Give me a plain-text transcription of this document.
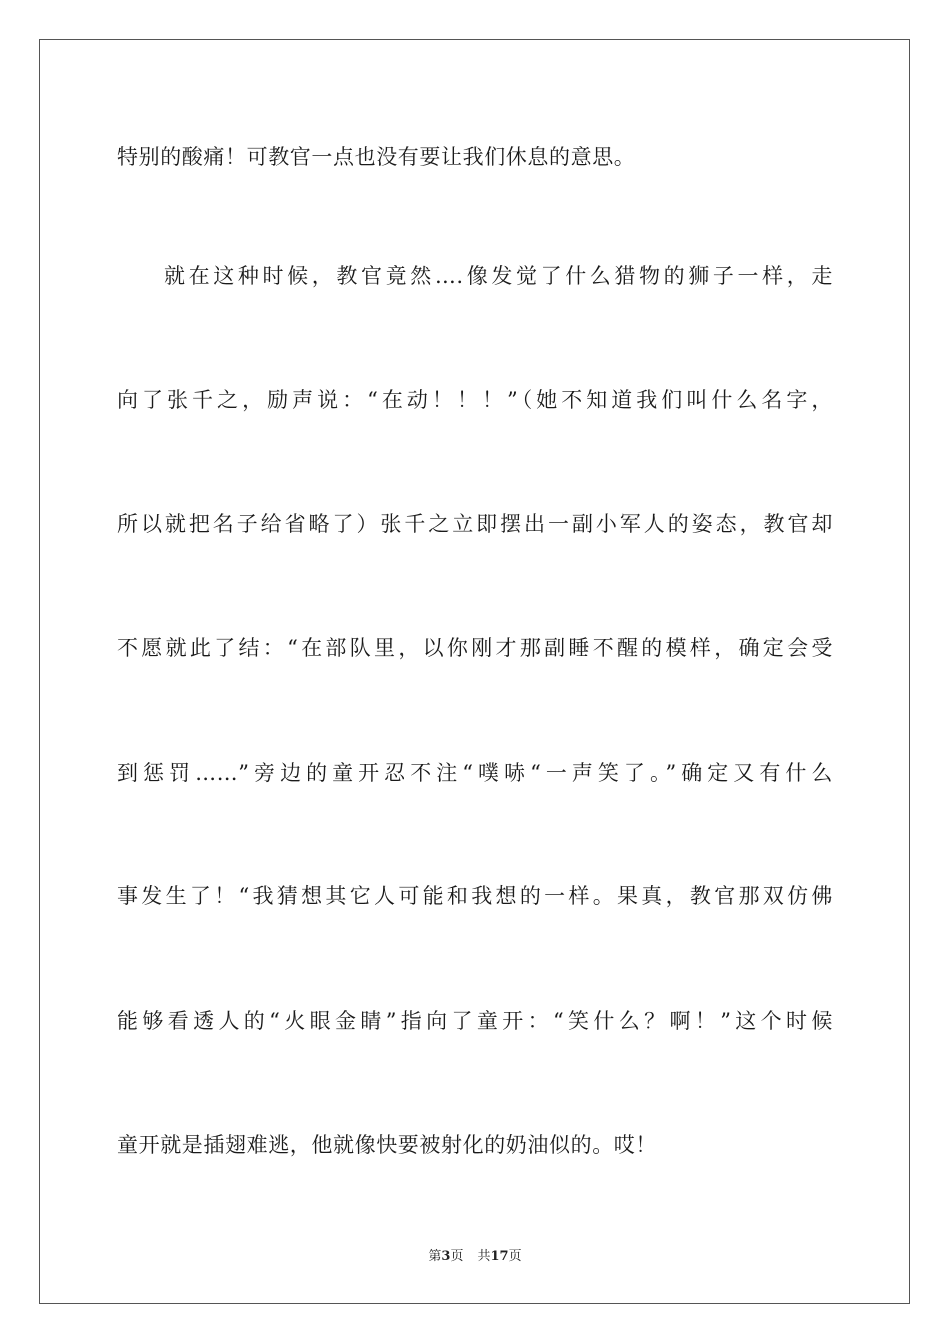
特别的酸痛！可教官一点也没有要让我们休息的意思。
就在这种时候，教官竟然….像发觉了什么猎物的狮子一样，走
向了张千之，励声说：“在动！！！”（她不知道我们叫什么名字，
所以就把名子给省略了）张千之立即摆出一副小军人的姿态，教官却
不愿就此了结：“在部队里，以你刚才那副睡不醒的模样，确定会受
到惩罚……”旁边的童开忍不注“噗哧“一声笑了。”确定又有什么
事发生了！“我猜想其它人可能和我想的一样。果真，教官那双仿佛
能够看透人的“火眼金睛”指向了童开：“笑什么？啊！”这个时候
童开就是插翅难逃，他就像快要被射化的奶油似的。哎！
第3页 共17页
